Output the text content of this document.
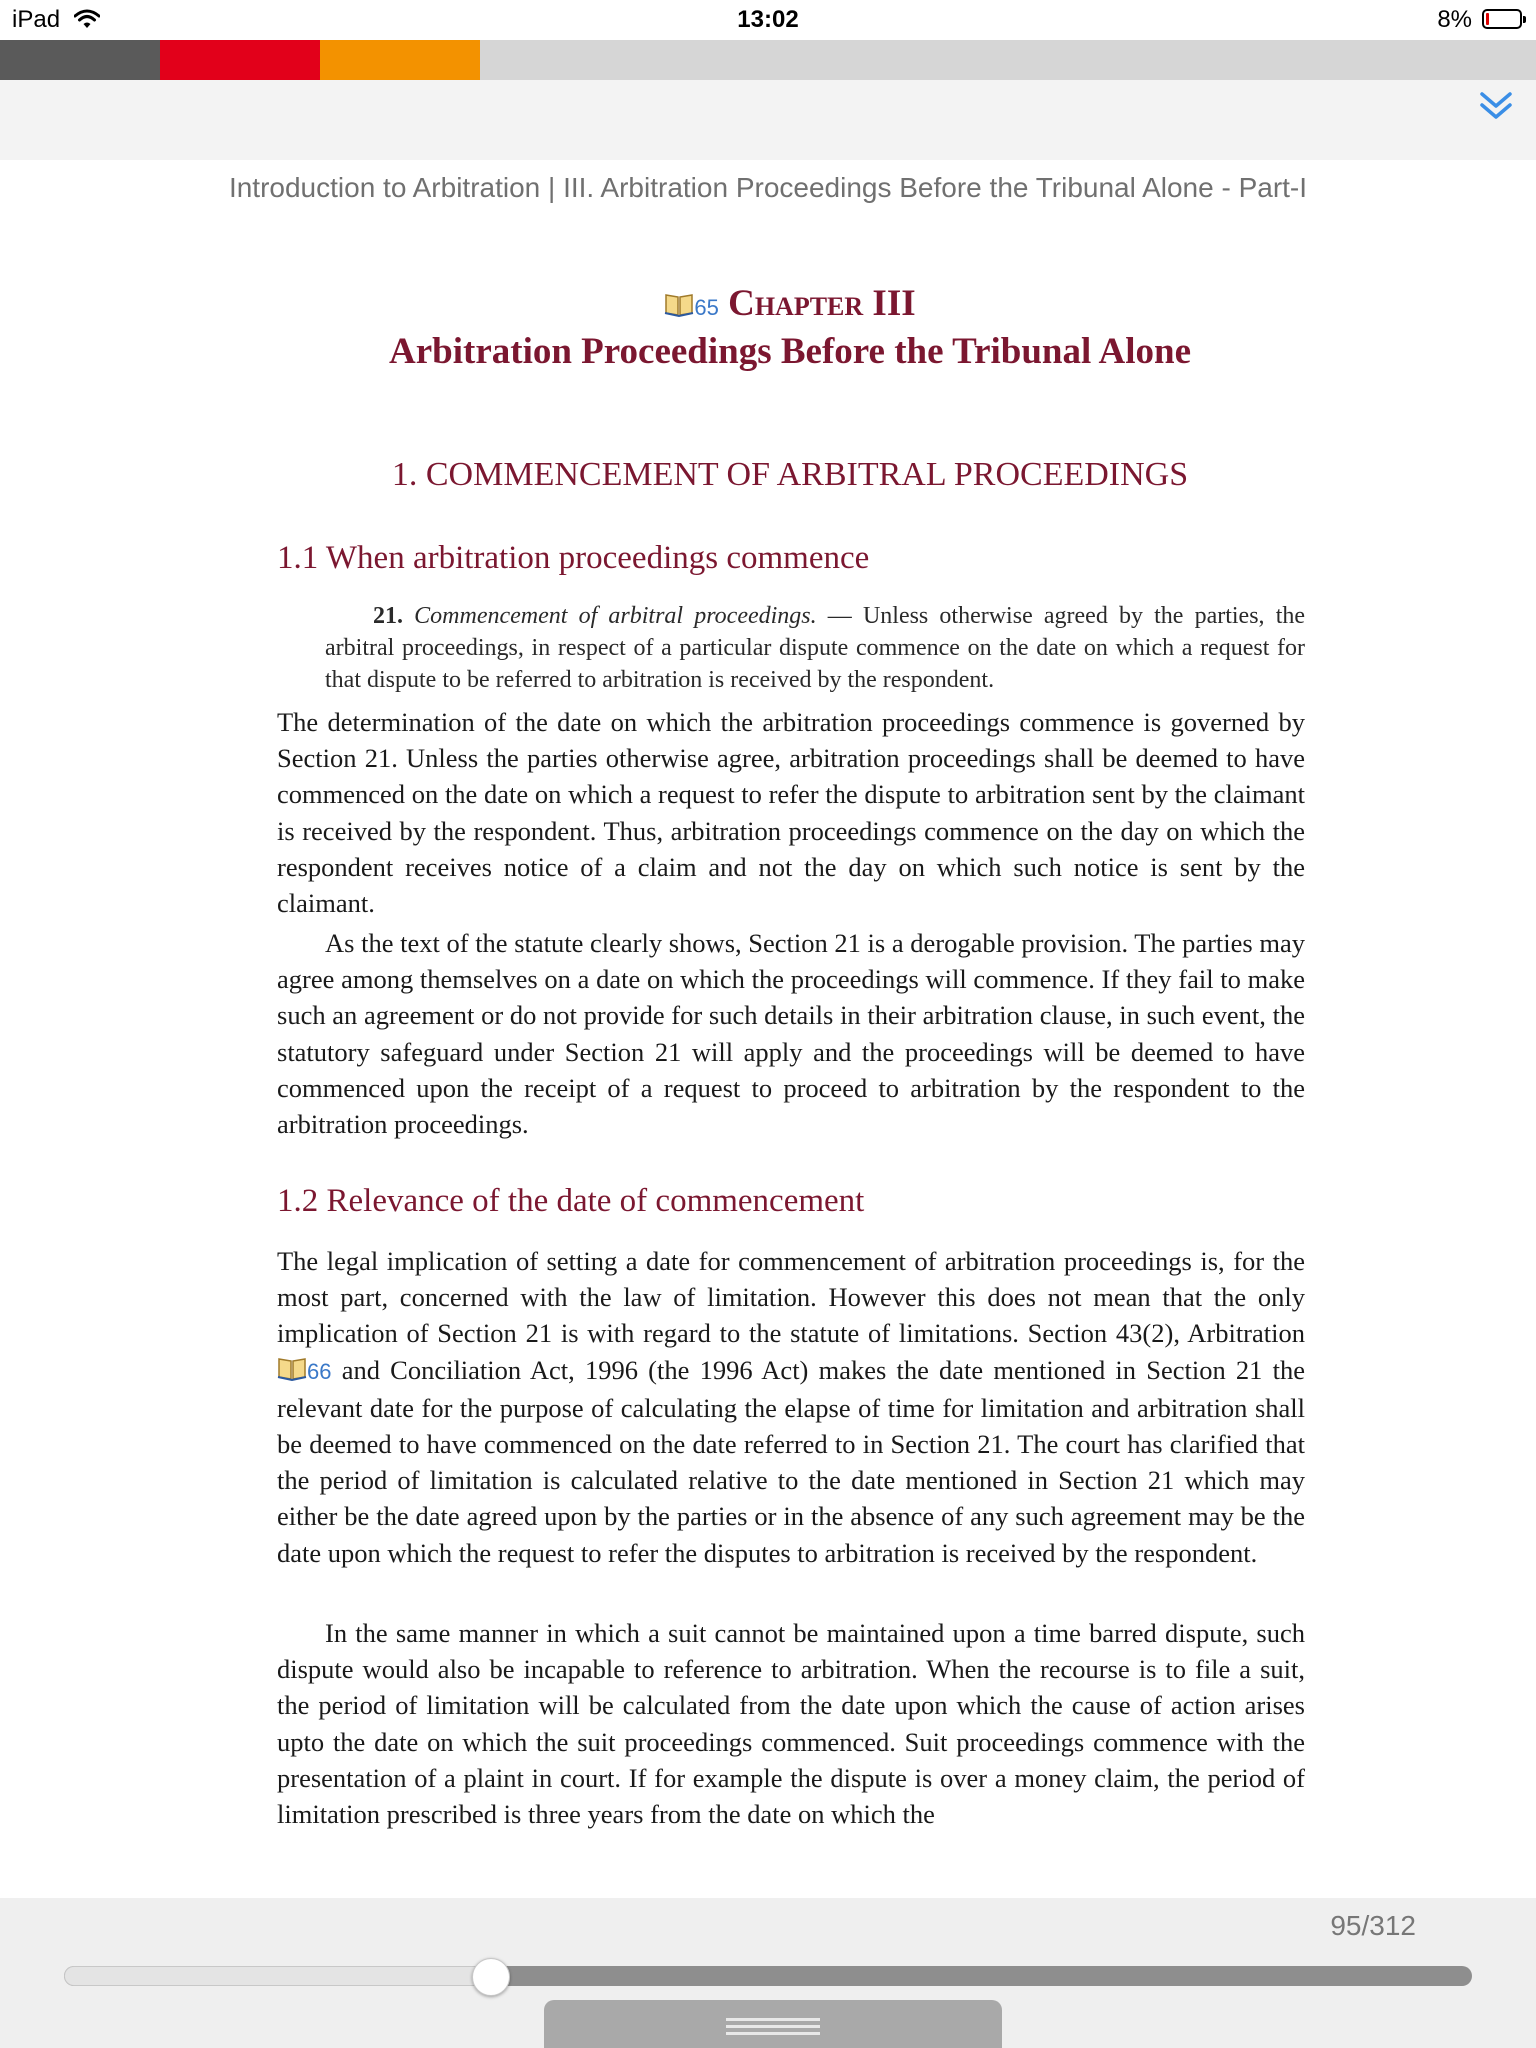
iPad	13:02	8%
Introduction to Arbitration | III. Arbitration Proceedings Before the Tribunal Alone - Part-I
65 Chapter III
Arbitration Proceedings Before the Tribunal Alone
1. COMMENCEMENT OF ARBITRAL PROCEEDINGS
1.1 When arbitration proceedings commence
21. Commencement of arbitral proceedings. — Unless otherwise agreed by the parties, the arbitral proceedings, in respect of a particular dispute commence on the date on which a request for that dispute to be referred to arbitration is received by the respondent.

The determination of the date on which the arbitration proceedings commence is governed by Section 21. Unless the parties otherwise agree, arbitration proceedings shall be deemed to have commenced on the date on which a request to refer the dispute to arbitration sent by the claimant is received by the respondent. Thus, arbitration proceedings commence on the day on which the respondent receives notice of a claim and not the day on which such notice is sent by the claimant.

As the text of the statute clearly shows, Section 21 is a derogable provision. The parties may agree among themselves on a date on which the proceedings will commence. If they fail to make such an agreement or do not provide for such details in their arbitration clause, in such event, the statutory safeguard under Section 21 will apply and the proceedings will be deemed to have commenced upon the receipt of a request to proceed to arbitration by the respondent to the arbitration proceedings.

1.2 Relevance of the date of commencement

The legal implication of setting a date for commencement of arbitration proceedings is, for the most part, concerned with the law of limitation. However this does not mean that the only implication of Section 21 is with regard to the statute of limitations. Section 43(2), Arbitration 66 and Conciliation Act, 1996 (the 1996 Act) makes the date mentioned in Section 21 the relevant date for the purpose of calculating the elapse of time for limitation and arbitration shall be deemed to have commenced on the date referred to in Section 21. The court has clarified that the period of limitation is calculated relative to the date mentioned in Section 21 which may either be the date agreed upon by the parties or in the absence of any such agreement may be the date upon which the request to refer the disputes to arbitration is received by the respondent.

In the same manner in which a suit cannot be maintained upon a time barred dispute, such dispute would also be incapable to reference to arbitration. When the recourse is to file a suit, the period of limitation will be calculated from the date upon which the cause of action arises upto the date on which the suit proceedings commenced. Suit proceedings commence with the presentation of a plaint in court. If for example the dispute is over a money claim, the period of limitation prescribed is three years from the date on which the

95/312
